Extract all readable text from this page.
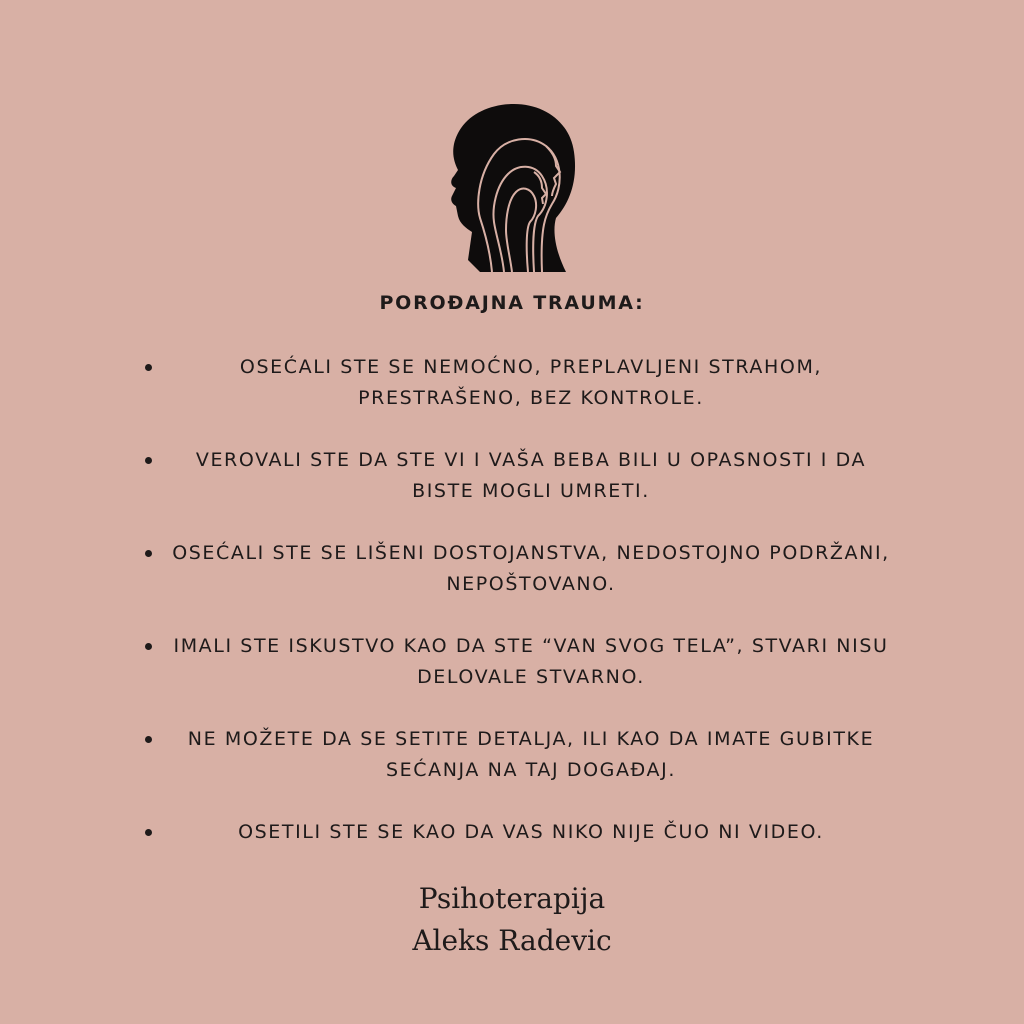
POROĐAJNA TRAUMA:
OSEĆALI STE SE NEMOĆNO, PREPLAVLJENI STRAHOM, PRESTRAŠENO, BEZ KONTROLE.
VEROVALI STE DA STE VI I VAŠA BEBA BILI U OPASNOSTI I DA BISTE MOGLI UMRETI.
OSEĆALI STE SE LIŠENI DOSTOJANSTVA, NEDOSTOJNO PODRŽANI, NEPOŠTOVANO.
IMALI STE ISKUSTVO KAO DA STE “VAN SVOG TELA”, STVARI NISU DELOVALE STVARNO.
NE MOŽETE DA SE SETITE DETALJA, ILI KAO DA IMATE GUBITKE SEĆANJA NA TAJ DOGAĐAJ.
OSETILI STE SE KAO DA VAS NIKO NIJE ČUO NI VIDEO.
Psihoterapija
Aleks Radevic
